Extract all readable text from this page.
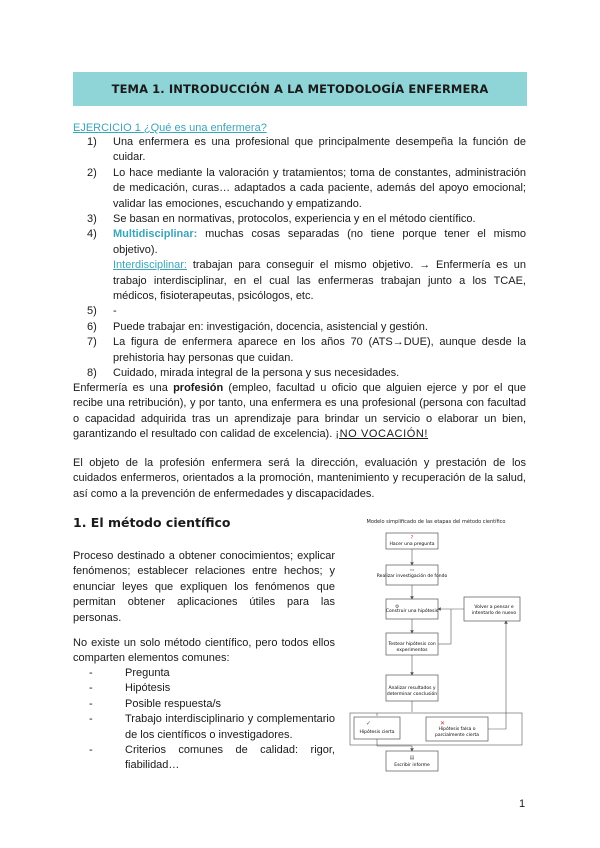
TEMA 1. INTRODUCCIÓN A LA METODOLOGÍA ENFERMERA
EJERCICIO 1 ¿Qué es una enfermera?
1)	Una enfermera es una profesional que principalmente desempeña la función de cuidar.
2)	Lo hace mediante la valoración y tratamientos; toma de constantes, administración de medicación, curas… adaptados a cada paciente, además del apoyo emocional; validar las emociones, escuchando y empatizando.
3)	Se basan en normativas, protocolos, experiencia y en el método científico.
4)	Multidisciplinar: muchas cosas separadas (no tiene porque tener el mismo objetivo).
Interdisciplinar: trabajan para conseguir el mismo objetivo. → Enfermería es un trabajo interdisciplinar, en el cual las enfermeras trabajan junto a los TCAE, médicos, fisioterapeutas, psicólogos, etc.
5)	-
6)	Puede trabajar en: investigación, docencia, asistencial y gestión.
7)	La figura de enfermera aparece en los años 70 (ATS→DUE), aunque desde la prehistoria hay personas que cuidan.
8)	Cuidado, mirada integral de la persona y sus necesidades.

Enfermería es una profesión (empleo, facultad u oficio que alguien ejerce y por el que recibe una retribución), y por tanto, una enfermera es una profesional (persona con facultad o capacidad adquirida tras un aprendizaje para brindar un servicio o elaborar un bien, garantizando el resultado con calidad de excelencia). ¡NO VOCACIÓN!

El objeto de la profesión enfermera será la dirección, evaluación y prestación de los cuidados enfermeros, orientados a la promoción, mantenimiento y recuperación de la salud, así como a la prevención de enfermedades y discapacidades.

1. El método científico

Proceso destinado a obtener conocimientos; explicar fenómenos; establecer relaciones entre hechos; y enunciar leyes que expliquen los fenómenos que permitan obtener aplicaciones útiles para las personas.

No existe un solo método científico, pero todos ellos comparten elementos comunes:

-	Pregunta
-	Hipótesis
-	Posible respuesta/s
-	Trabajo interdisciplinario y complementario de los científicos o investigadores.
-	Criterios comunes de calidad: rigor, fiabilidad…
Modelo simplificado de las etapas del método científico
Hacer una pregunta
?
Realizar investigación de fondo
▭
Construir una hipótesis
⚙
Testear hipótesis con
experimentos
Analizar resultados y
determinar conclusión
Volver a pensar e
intentarlo de nuevo
Hipótesis cierta
✓
Hipótesis falsa o
parcialmente cierta
✕
Escribir informe
▤
1
